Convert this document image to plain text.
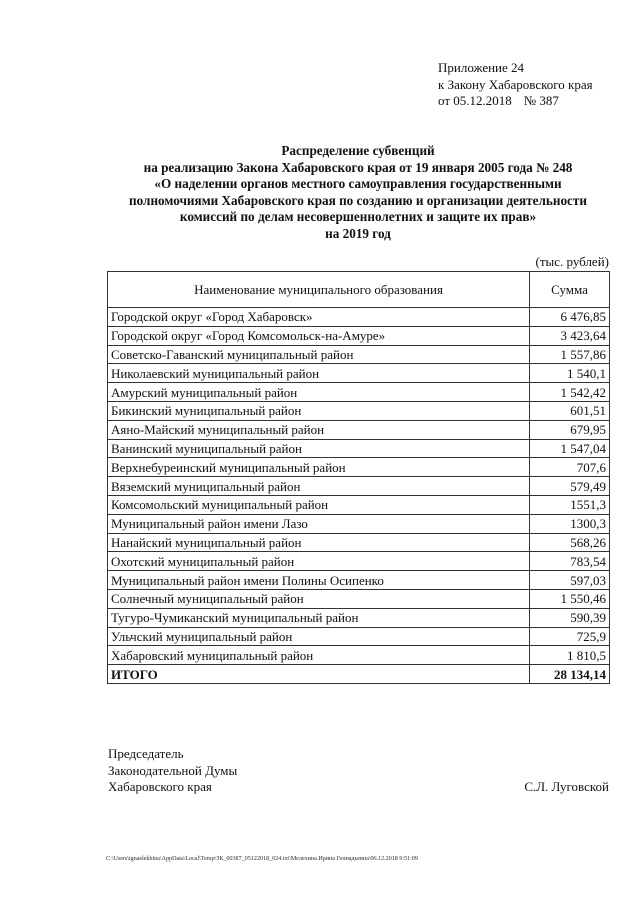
Приложение 24
к Закону Хабаровского края
от 05.12.2018 № 387
Распределение субвенций
на реализацию Закона Хабаровского края от 19 января 2005 года № 248
«О наделении органов местного самоуправления государственными
полномочиями Хабаровского края по созданию и организации деятельности
комиссий по делам несовершеннолетних и защите их прав»
на 2019 год
(тыс. рублей)
Наименование муниципального образования	Сумма
Городской округ «Город Хабаровск»	6 476,85
Городской округ «Город Комсомольск-на-Амуре»	3 423,64
Советско-Гаванский муниципальный район	1 557,86
Николаевский муниципальный район	1 540,1
Амурский муниципальный район	1 542,42
Бикинский муниципальный район	601,51
Аяно-Майский муниципальный район	679,95
Ванинский муниципальный район	1 547,04
Верхнебуреинский муниципальный район	707,6
Вяземский муниципальный район	579,49
Комсомольский муниципальный район	1551,3
Муниципальный район имени Лазо	1300,3
Нанайский муниципальный район	568,26
Охотский муниципальный район	783,54
Муниципальный район имени Полины Осипенко	597,03
Солнечный муниципальный район	1 550,46
Тугуро-Чумиканский муниципальный район	590,39
Ульчский муниципальный район	725,9
Хабаровский муниципальный район	1 810,5
ИТОГО	28 134,14
Председатель
Законодательной Думы
Хабаровского края	С.Л. Луговской
C:\Users\ignaelekhina\AppData\Local\Temp\ЗК_00387_05122018_024.txt\Мелехина Ирина Геннадьевна\06.12.2018 9:51:09
